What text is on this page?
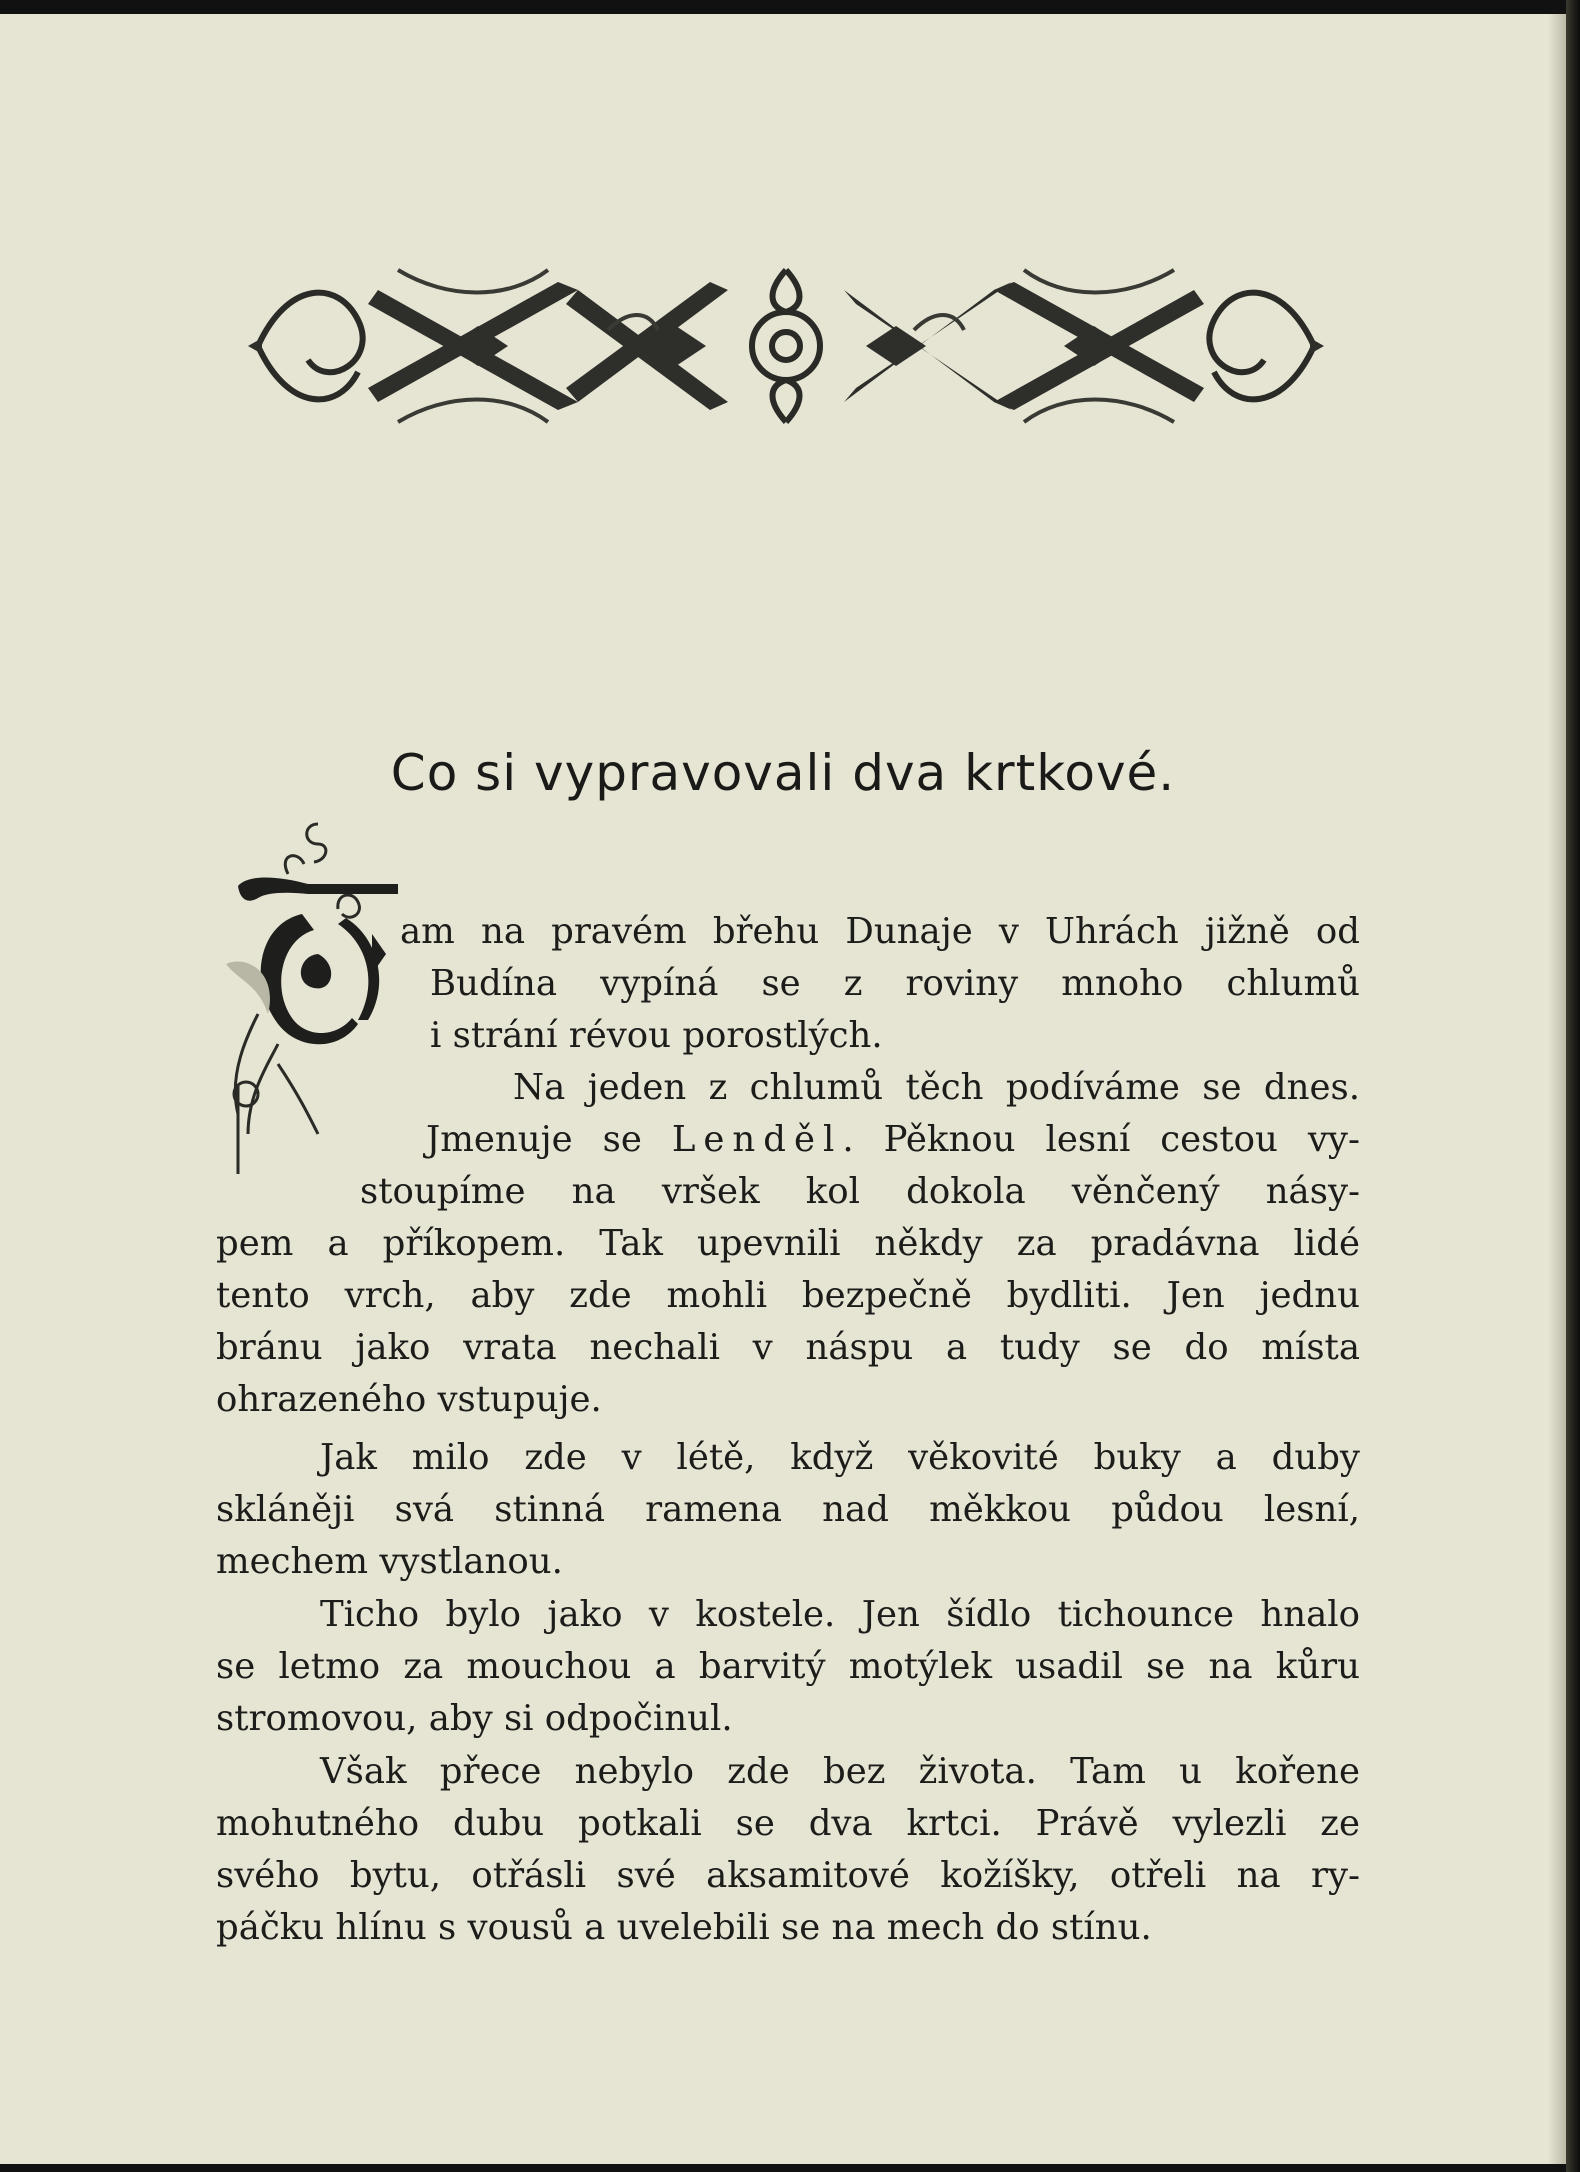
Co si vypravovali dva krtkové.
T
am na pravém břehu Dunaje v Uhrách jižně od
Budína vypíná se z roviny mnoho chlumů
i strání révou porostlých.
Na jeden z chlumů těch podíváme se dnes.
Jmenuje se Lenděl. Pěknou lesní cestou vy-
stoupíme na vršek kol dokola věnčený násy-
pem a příkopem. Tak upevnili někdy za pradávna lidé
tento vrch, aby zde mohli bezpečně bydliti. Jen jednu
bránu jako vrata nechali v náspu a tudy se do místa
ohrazeného vstupuje.
Jak milo zde v létě, když věkovité buky a duby
skláněji svá stinná ramena nad měkkou půdou lesní,
mechem vystlanou.
Ticho bylo jako v kostele. Jen šídlo tichounce hnalo
se letmo za mouchou a barvitý motýlek usadil se na kůru
stromovou, aby si odpočinul.
Však přece nebylo zde bez života. Tam u kořene
mohutného dubu potkali se dva krtci. Právě vylezli ze
svého bytu, otřásli své aksamitové kožíšky, otřeli na ry-
páčku hlínu s vousů a uvelebili se na mech do stínu.
